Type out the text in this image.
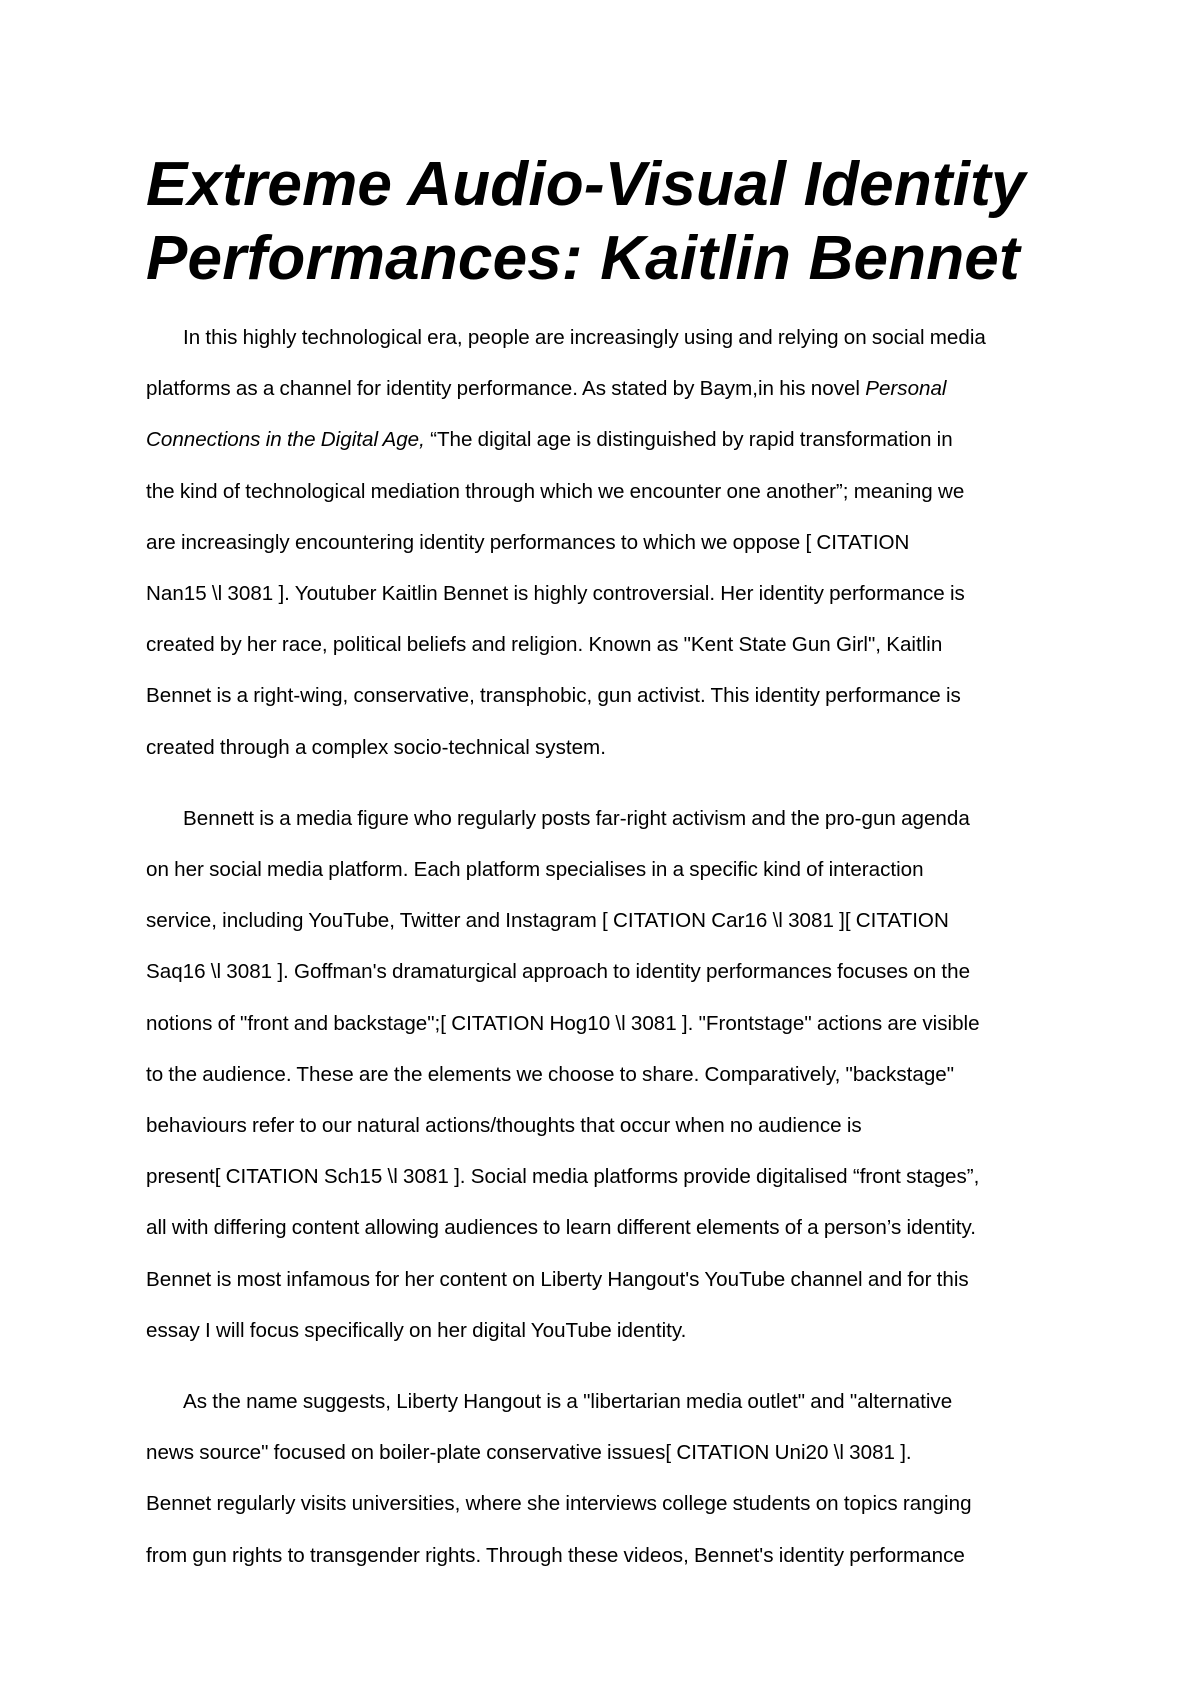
Extreme Audio-Visual Identity
Performances: Kaitlin Bennet

In this highly technological era, people are increasingly using and relying on social media
platforms as a channel for identity performance. As stated by Baym,in his novel Personal
Connections in the Digital Age, “The digital age is distinguished by rapid transformation in
the kind of technological mediation through which we encounter one another”; meaning we
are increasingly encountering identity performances to which we oppose [ CITATION
Nan15 \l 3081 ]. Youtuber Kaitlin Bennet is highly controversial. Her identity performance is
created by her race, political beliefs and religion. Known as "Kent State Gun Girl", Kaitlin
Bennet is a right-wing, conservative, transphobic, gun activist. This identity performance is
created through a complex socio-technical system.

Bennett is a media figure who regularly posts far-right activism and the pro-gun agenda
on her social media platform. Each platform specialises in a specific kind of interaction
service, including YouTube, Twitter and Instagram [ CITATION Car16 \l 3081 ][ CITATION
Saq16 \l 3081 ]. Goffman's dramaturgical approach to identity performances focuses on the
notions of "front and backstage";[ CITATION Hog10 \l 3081 ]. "Frontstage" actions are visible
to the audience. These are the elements we choose to share. Comparatively, "backstage"
behaviours refer to our natural actions/thoughts that occur when no audience is
present[ CITATION Sch15 \l 3081 ]. Social media platforms provide digitalised “front stages”,
all with differing content allowing audiences to learn different elements of a person’s identity.
Bennet is most infamous for her content on Liberty Hangout's YouTube channel and for this
essay I will focus specifically on her digital YouTube identity.

As the name suggests, Liberty Hangout is a "libertarian media outlet" and "alternative
news source" focused on boiler-plate conservative issues[ CITATION Uni20 \l 3081 ].
Bennet regularly visits universities, where she interviews college students on topics ranging
from gun rights to transgender rights. Through these videos, Bennet's identity performance
